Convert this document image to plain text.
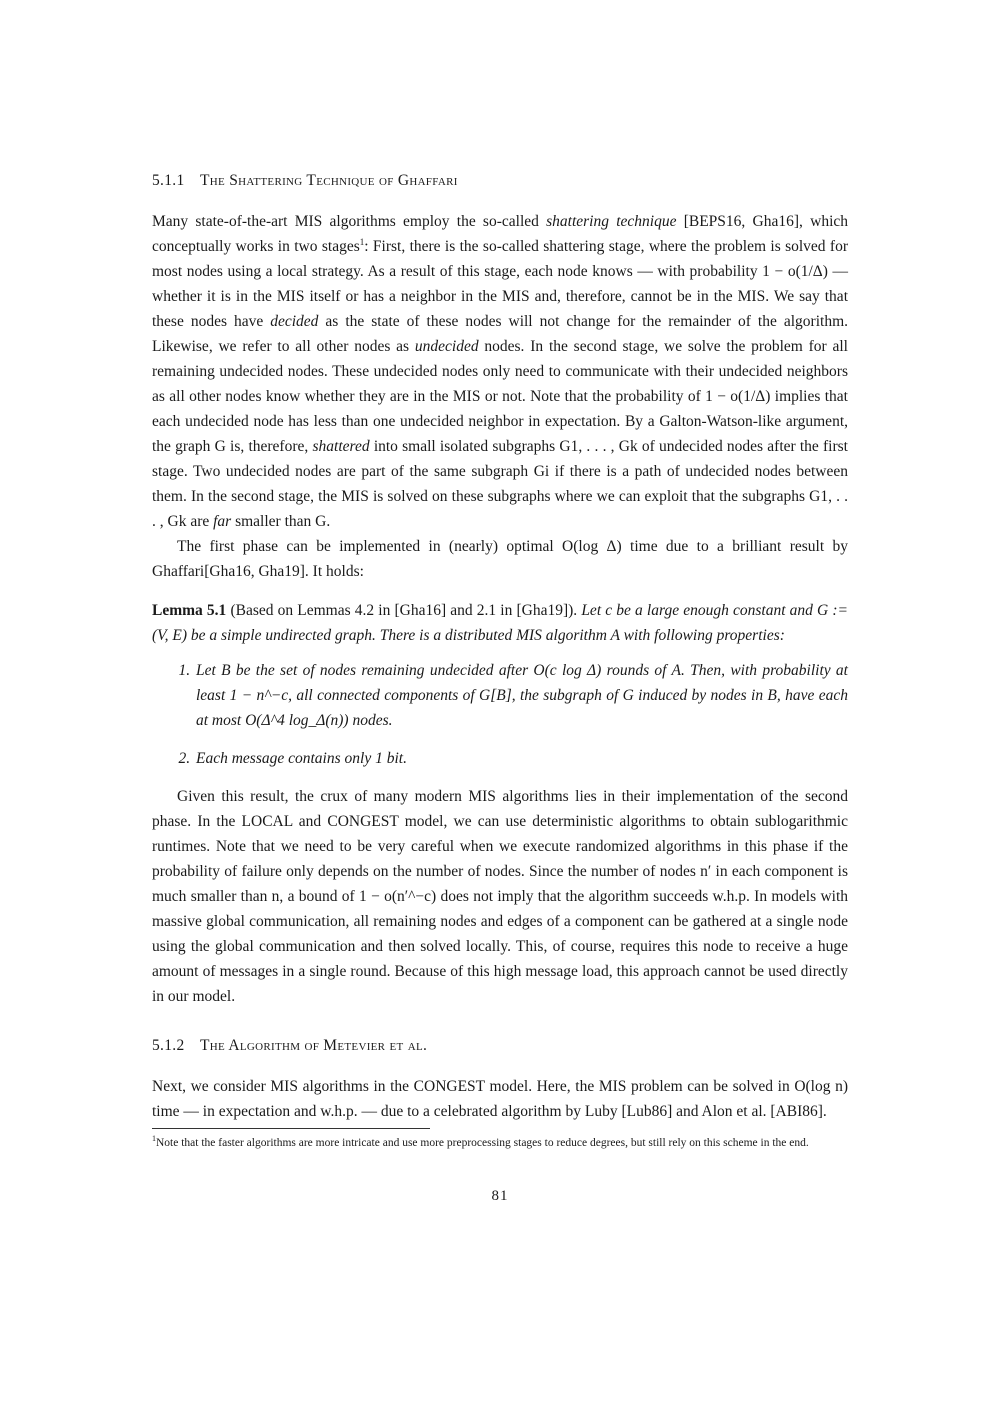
5.1.1 The Shattering Technique of Ghaffari

Many state-of-the-art MIS algorithms employ the so-called shattering technique [BEPS16, Gha16], which conceptually works in two stages$^1$: First, there is the so-called shattering stage, where the problem is solved for most nodes using a local strategy. As a result of this stage, each node knows — with probability 1 − o(1/Δ) — whether it is in the MIS itself or has a neighbor in the MIS and, therefore, cannot be in the MIS. We say that these nodes have decided as the state of these nodes will not change for the remainder of the algorithm. Likewise, we refer to all other nodes as undecided nodes. In the second stage, we solve the problem for all remaining undecided nodes. These undecided nodes only need to communicate with their undecided neighbors as all other nodes know whether they are in the MIS or not. Note that the probability of 1 − o(1/Δ) implies that each undecided node has less than one undecided neighbor in expectation. By a Galton-Watson-like argument, the graph G is, therefore, shattered into small isolated subgraphs G1, . . . , Gk of undecided nodes after the first stage. Two undecided nodes are part of the same subgraph Gi if there is a path of undecided nodes between them. In the second stage, the MIS is solved on these subgraphs where we can exploit that the subgraphs G1, . . . , Gk are far smaller than G.

The first phase can be implemented in (nearly) optimal O(log Δ) time due to a brilliant result by Ghaffari[Gha16, Gha19]. It holds:

Lemma 5.1 (Based on Lemmas 4.2 in [Gha16] and 2.1 in [Gha19]). Let c be a large enough constant and G := (V, E) be a simple undirected graph. There is a distributed MIS algorithm A with following properties:
1. Let B be the set of nodes remaining undecided after O(c log Δ) rounds of A. Then, with probability at least 1 − n^−c, all connected components of G[B], the subgraph of G induced by nodes in B, have each at most O(Δ^4 log_Δ(n)) nodes.
2. Each message contains only 1 bit.

Given this result, the crux of many modern MIS algorithms lies in their implementation of the second phase. In the LOCAL and CONGEST model, we can use deterministic algorithms to obtain sublogarithmic runtimes. Note that we need to be very careful when we execute randomized algorithms in this phase if the probability of failure only depends on the number of nodes. Since the number of nodes n′ in each component is much smaller than n, a bound of 1 − o(n′^−c) does not imply that the algorithm succeeds w.h.p. In models with massive global communication, all remaining nodes and edges of a component can be gathered at a single node using the global communication and then solved locally. This, of course, requires this node to receive a huge amount of messages in a single round. Because of this high message load, this approach cannot be used directly in our model.

5.1.2 The Algorithm of Metevier et al.

Next, we consider MIS algorithms in the CONGEST model. Here, the MIS problem can be solved in O(log n) time — in expectation and w.h.p. — due to a celebrated algorithm by Luby [Lub86] and Alon et al. [ABI86].

$^1$Note that the faster algorithms are more intricate and use more preprocessing stages to reduce degrees, but still rely on this scheme in the end.
81
